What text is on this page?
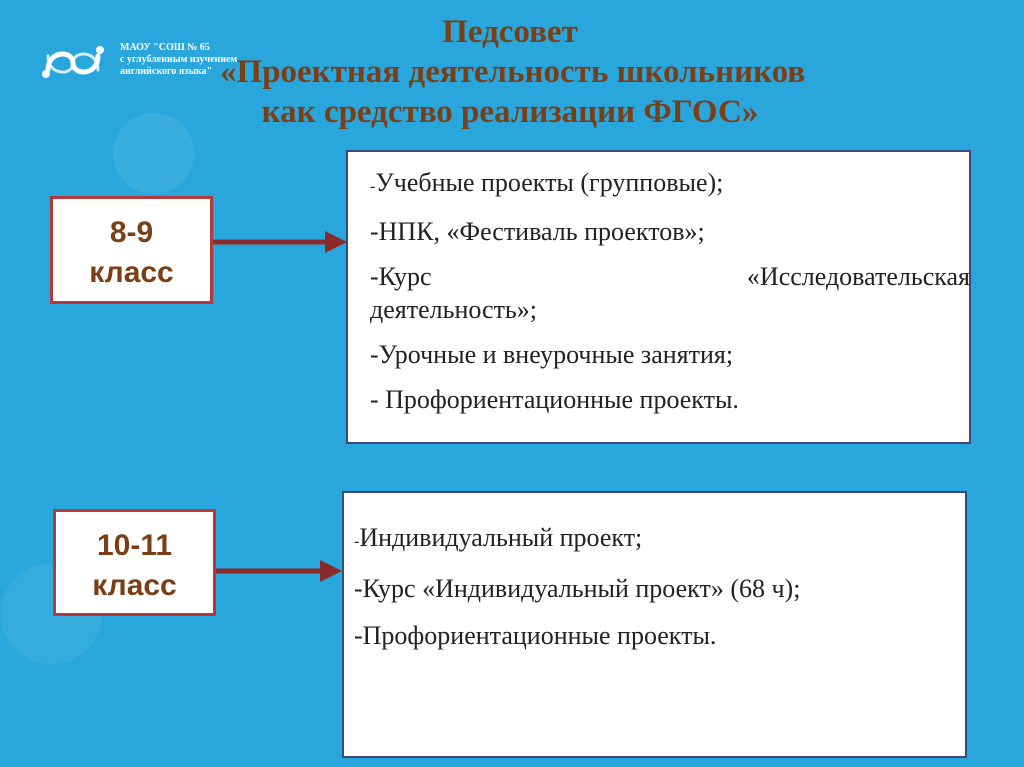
МАОУ "СОШ № 65
с углубленным изучением
английского языка"
Педсовет
«Проектная деятельность школьников
как средство реализации ФГОС»
8-9
класс
-Учебные проекты (групповые);
-НПК, «Фестиваль проектов»;
-Курс	«Исследовательская
деятельность»;
-Урочные и внеурочные занятия;
- Профориентационные проекты.
10-11
класс
-Индивидуальный проект;
-Курс «Индивидуальный проект» (68 ч);
-Профориентационные проекты.
